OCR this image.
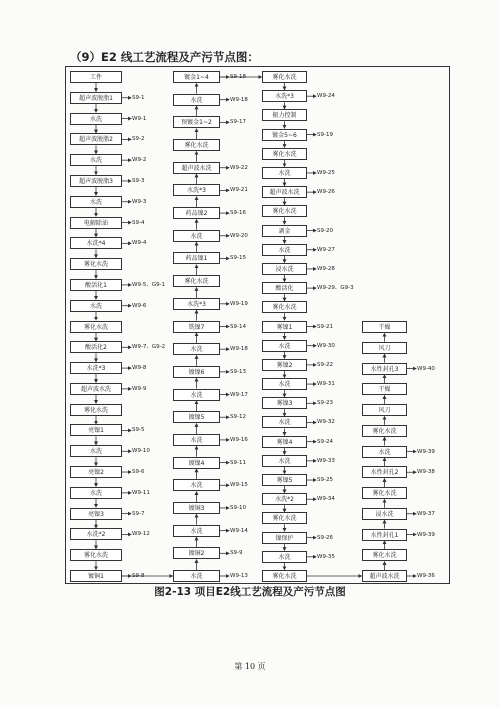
（9）E2 线工艺流程及产污节点图：
工件
超声波脱脂1	S9-1
水洗	W9-1
超声波脱脂2	S9-2
水洗	W9-2
超声波脱脂3	S9-3
水洗	W9-3
电解除油	S9-4
水洗*4	W9-4
雾化水洗
酸活化1	W9-5、G9-1
水洗	W9-6
雾化水洗
酸活化2	W9-7、G9-2
水洗*3	W9-8
超声波水洗	W9-9
雾化水洗
亮镍1	S9-5
水洗	W9-10
亮镍2	S9-6
水洗	W9-11
亮镍3	S9-7
水洗*2	W9-12
雾化水洗
镀铜1	S9-8
镀金1~4	S9-18
水洗	W9-18
预镀金1~2	S9-17
雾化水洗
超声波水洗	W9-22
水洗*3	W9-21
药品镍2	S9-16
水洗	W9-20
药品镍1	S9-15
雾化水洗
水洗*3	W9-19
铣镍7	S9-14
水洗	W9-18
镀镍6	S9-13
水洗	W9-17
镀镍5	S9-12
水洗	W9-16
镀镍4	S9-11
水洗	W9-15
镀铜3	S9-10
水洗	W9-14
镀铜2	S9-9
水洗	W9-13
雾化水洗
水洗*3	W9-24
振力控制
镀金5~6	S9-19
雾化水洗
水洗	W9-25
超声波水洗	W9-26
雾化水洗
剥金	S9-20
水洗	W9-27
浸水洗	W9-28
酸活化	W9-29、G9-3
雾化水洗
雾镍1	S9-21
水洗	W9-30
雾镍2	S9-22
水洗	W9-31
雾镍3	S9-23
水洗	W9-32
雾镍4	S9-24
水洗	W9-33
雾镍5	S9-25
水洗*2	W9-34
雾化水洗
镍保护	S9-26
水洗	W9-35
雾化水洗
干燥
风刀
水性封孔3	W9-40
干燥
风刀
雾化水洗
水洗	W9-39
水性封孔2	W9-38
雾化水洗
浸水洗	W9-37
水性封孔1	W9-39
雾化水洗
超声波水洗	W9-36
图2-13 项目E2线工艺流程及产污节点图
第 10 页
